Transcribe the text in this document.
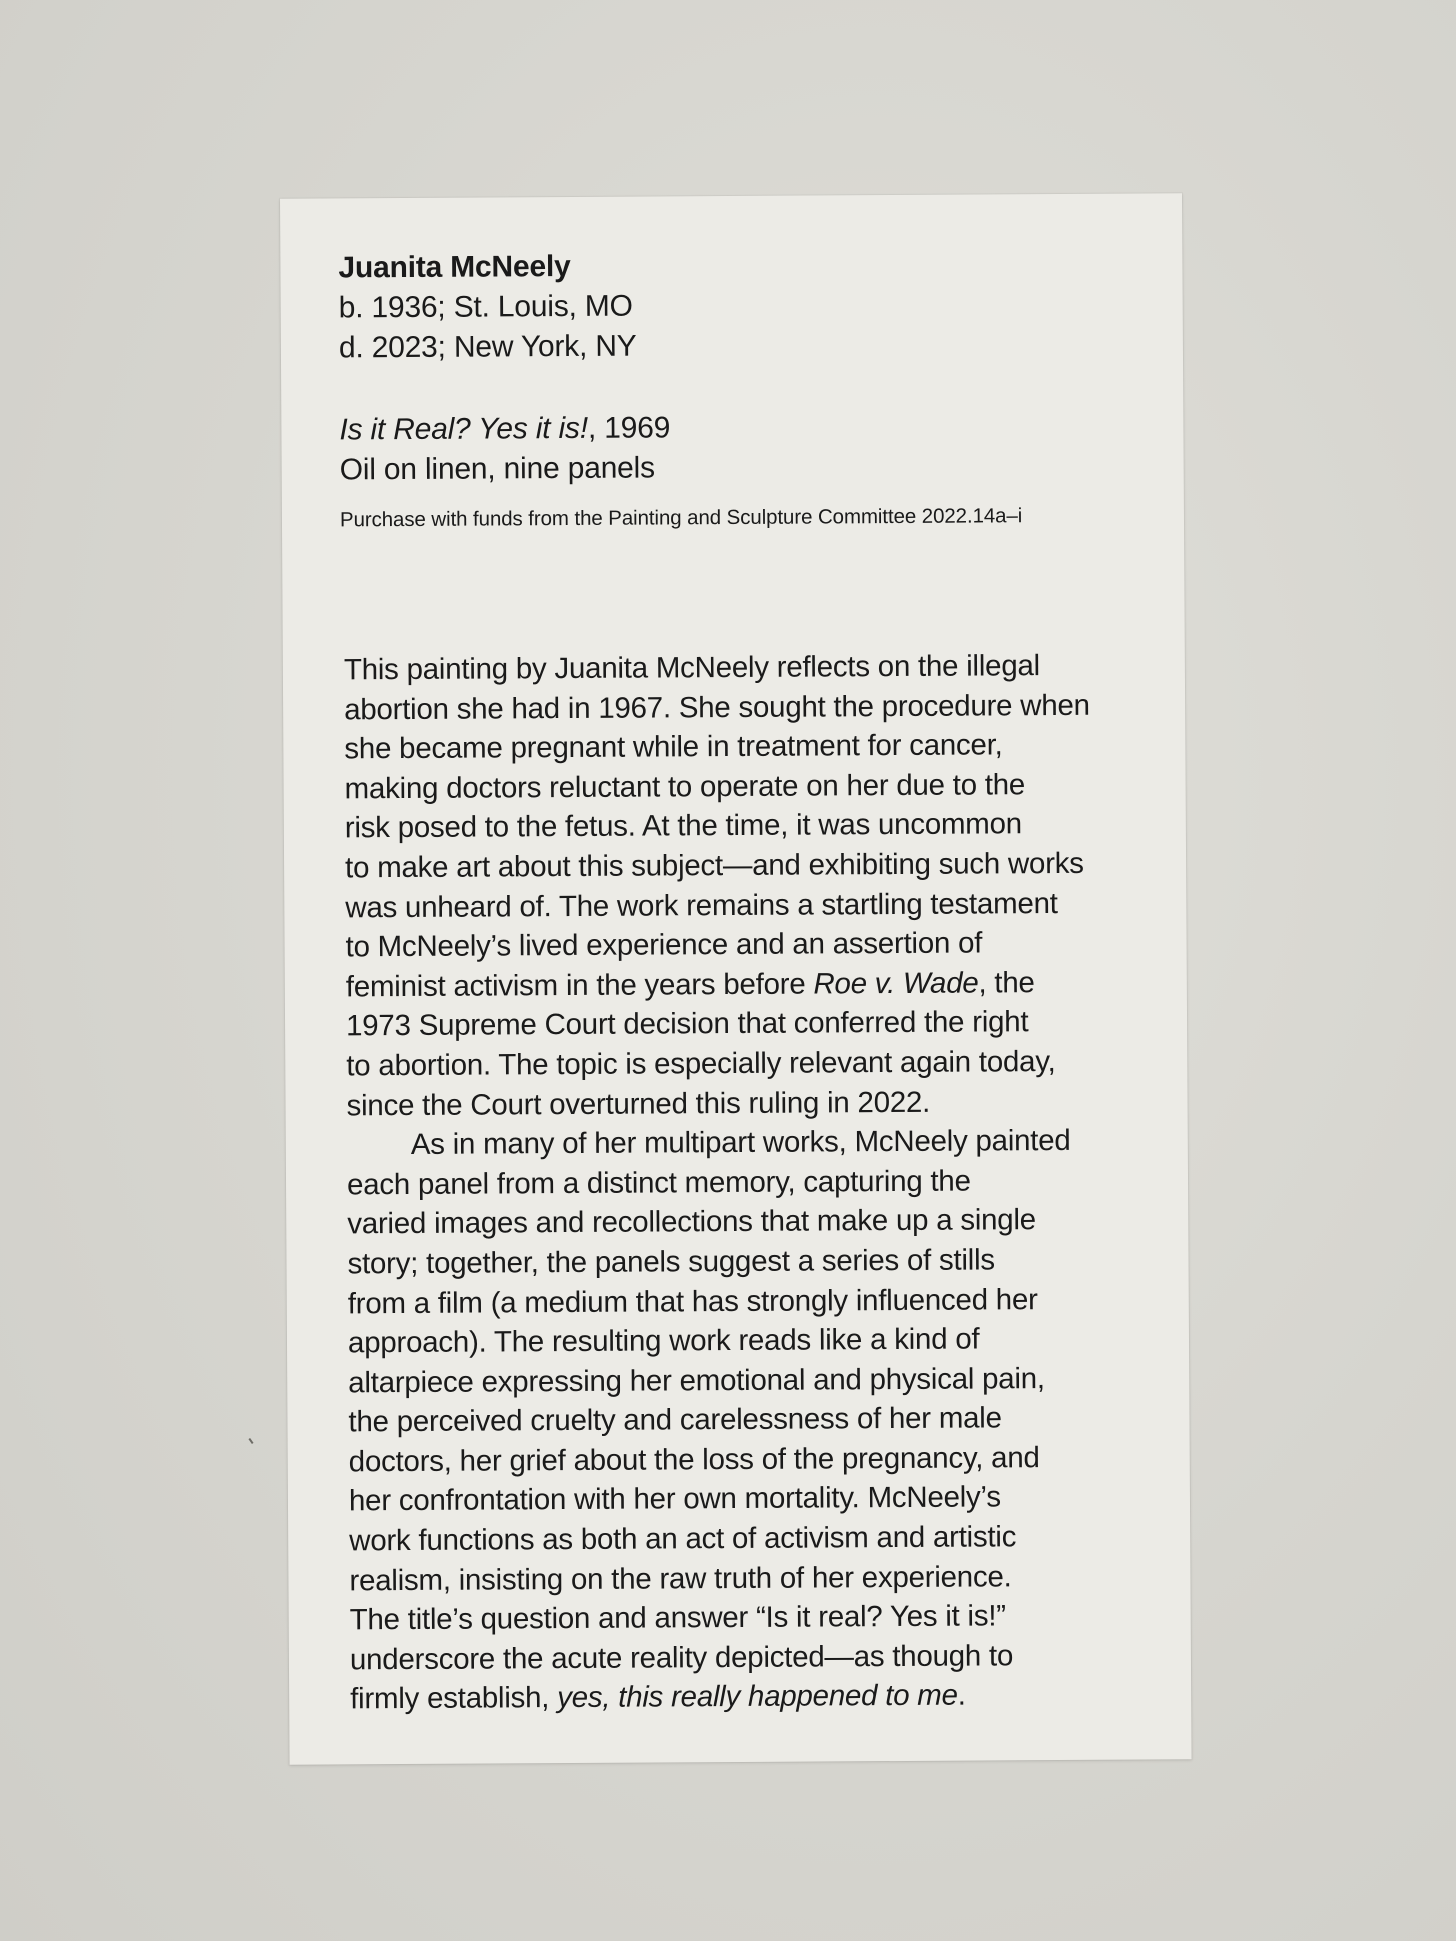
Juanita McNeely
b. 1936; St. Louis, MO
d. 2023; New York, NY
Is it Real? Yes it is!, 1969
Oil on linen, nine panels
Purchase with funds from the Painting and Sculpture Committee 2022.14a–i

This painting by Juanita McNeely reflects on the illegal
abortion she had in 1967. She sought the procedure when
she became pregnant while in treatment for cancer,
making doctors reluctant to operate on her due to the
risk posed to the fetus. At the time, it was uncommon
to make art about this subject—and exhibiting such works
was unheard of. The work remains a startling testament
to McNeely’s lived experience and an assertion of
feminist activism in the years before Roe v. Wade, the
1973 Supreme Court decision that conferred the right
to abortion. The topic is especially relevant again today,
since the Court overturned this ruling in 2022.

As in many of her multipart works, McNeely painted
each panel from a distinct memory, capturing the
varied images and recollections that make up a single
story; together, the panels suggest a series of stills
from a film (a medium that has strongly influenced her
approach). The resulting work reads like a kind of
altarpiece expressing her emotional and physical pain,
the perceived cruelty and carelessness of her male
doctors, her grief about the loss of the pregnancy, and
her confrontation with her own mortality. McNeely’s
work functions as both an act of activism and artistic
realism, insisting on the raw truth of her experience.
The title’s question and answer “Is it real? Yes it is!”
underscore the acute reality depicted—as though to
firmly establish, yes, this really happened to me.
